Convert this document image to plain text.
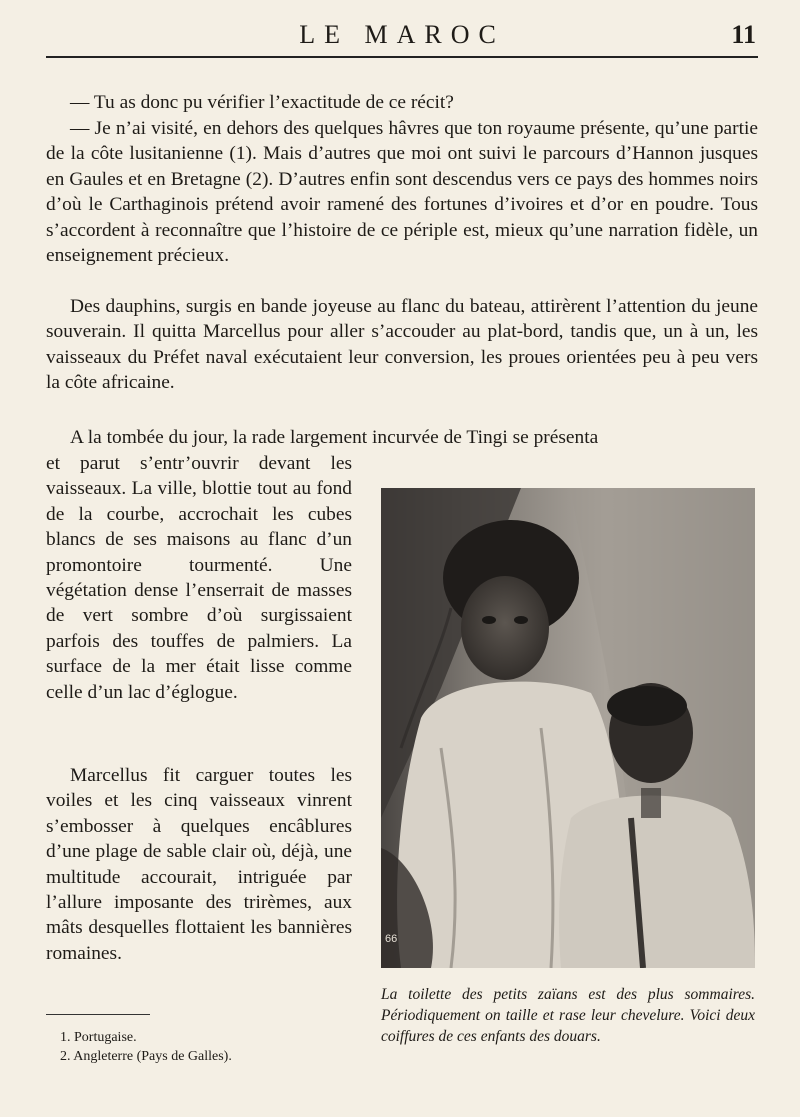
LE MAROC	11

— Tu as donc pu vérifier l’exactitude de ce récit?

— Je n’ai visité, en dehors des quelques hâvres que ton royaume présente, qu’une partie de la côte lusitanienne (1). Mais d’autres que moi ont suivi le parcours d’Hannon jusques en Gaules et en Bretagne (2). D’autres enfin sont descendus vers ce pays des hommes noirs d’où le Carthaginois prétend avoir ramené des fortunes d’ivoires et d’or en poudre. Tous s’accordent à reconnaître que l’histoire de ce périple est, mieux qu’une narration fidèle, un enseignement précieux.

Des dauphins, surgis en bande joyeuse au flanc du bateau, attirèrent l’attention du jeune souverain. Il quitta Marcellus pour aller s’accouder au plat-bord, tandis que, un à un, les vaisseaux du Préfet naval exécutaient leur conversion, les proues orientées peu à peu vers la côte africaine.

A la tombée du jour, la rade largement incurvée de Tingi se présenta

et parut s’entr’ouvrir devant les vaisseaux. La ville, blottie tout au fond de la courbe, accrochait les cubes blancs de ses maisons au flanc d’un promontoire tourmenté. Une végétation dense l’enserrait de masses de vert sombre d’où surgissaient parfois des touffes de palmiers. La surface de la mer était lisse comme celle d’un lac d’églogue.

Marcellus fit carguer toutes les voiles et les cinq vaisseaux vinrent s’embosser à quelques encâblures d’une plage de sable clair où, déjà, une multitude accourait, intriguée par l’allure imposante des trirèmes, aux mâts desquelles flottaient les bannières romaines.

66

La toilette des petits zaïans est des plus sommaires. Périodiquement on taille et rase leur chevelure. Voici deux coiffures de ces enfants des douars.

1. Portugaise.
2. Angleterre (Pays de Galles).
